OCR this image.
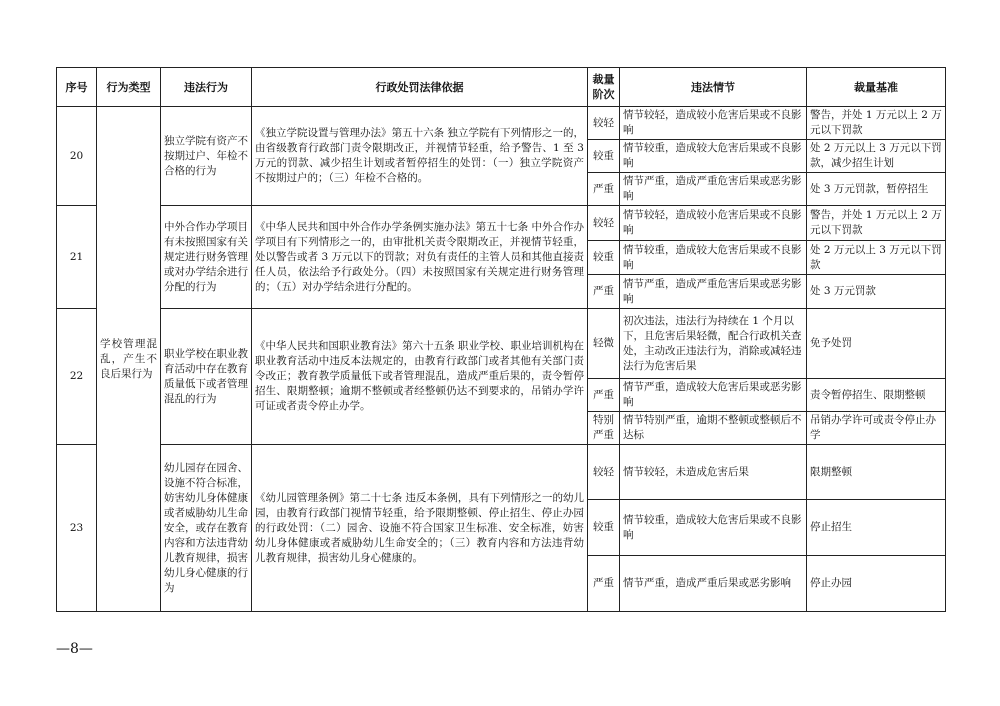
序号	行为类型	违法行为	行政处罚法律依据	裁量阶次	违法情节	裁量基准
20	学校管理混乱，产生不良后果行为	独立学院有资产不按期过户、年检不合格的行为	《独立学院设置与管理办法》第五十六条 独立学院有下列情形之一的，由省级教育行政部门责令限期改正，并视情节轻重，给予警告、1 至 3 万元的罚款、减少招生计划或者暂停招生的处罚：（一）独立学院资产不按期过户的；（三）年检不合格的。	较轻	情节较轻，造成较小危害后果或不良影响	警告，并处 1 万元以上 2 万元以下罚款
				较重	情节较重，造成较大危害后果或不良影响	处 2 万元以上 3 万元以下罚款，减少招生计划
				严重	情节严重，造成严重危害后果或恶劣影响	处 3 万元罚款，暂停招生
21		中外合作办学项目有未按照国家有关规定进行财务管理或对办学结余进行分配的行为	《中华人民共和国中外合作办学条例实施办法》第五十七条 中外合作办学项目有下列情形之一的，由审批机关责令限期改正，并视情节轻重，处以警告或者 3 万元以下的罚款；对负有责任的主管人员和其他直接责任人员，依法给予行政处分。（四）未按照国家有关规定进行财务管理的；（五）对办学结余进行分配的。	较轻	情节较轻，造成较小危害后果或不良影响	警告，并处 1 万元以上 2 万元以下罚款
				较重	情节较重，造成较大危害后果或不良影响	处 2 万元以上 3 万元以下罚款
				严重	情节严重，造成严重危害后果或恶劣影响	处 3 万元罚款
22		职业学校在职业教育活动中存在教育质量低下或者管理混乱的行为	《中华人民共和国职业教育法》第六十五条 职业学校、职业培训机构在职业教育活动中违反本法规定的，由教育行政部门或者其他有关部门责令改正；教育教学质量低下或者管理混乱，造成严重后果的，责令暂停招生、限期整顿；逾期不整顿或者经整顿仍达不到要求的，吊销办学许可证或者责令停止办学。	轻微	初次违法，违法行为持续在 1 个月以下，且危害后果轻微，配合行政机关查处，主动改正违法行为，消除或减轻违法行为危害后果	免予处罚
				严重	情节严重，造成较大危害后果或恶劣影响	责令暂停招生、限期整顿
				特别严重	情节特别严重，逾期不整顿或整顿后不达标	吊销办学许可或责令停止办学
23		幼儿园存在园舍、设施不符合标准，妨害幼儿身体健康或者威胁幼儿生命安全，或存在教育内容和方法违背幼儿教育规律，损害幼儿身心健康的行为	《幼儿园管理条例》第二十七条 违反本条例，具有下列情形之一的幼儿园，由教育行政部门视情节轻重，给予限期整顿、停止招生、停止办园的行政处罚：（二）园舍、设施不符合国家卫生标准、安全标准，妨害幼儿身体健康或者威胁幼儿生命安全的；（三）教育内容和方法违背幼儿教育规律，损害幼儿身心健康的。	较轻	情节较轻，未造成危害后果	限期整顿
				较重	情节较重，造成较大危害后果或不良影响	停止招生
				严重	情节严重，造成严重后果或恶劣影响	停止办园
—8—
